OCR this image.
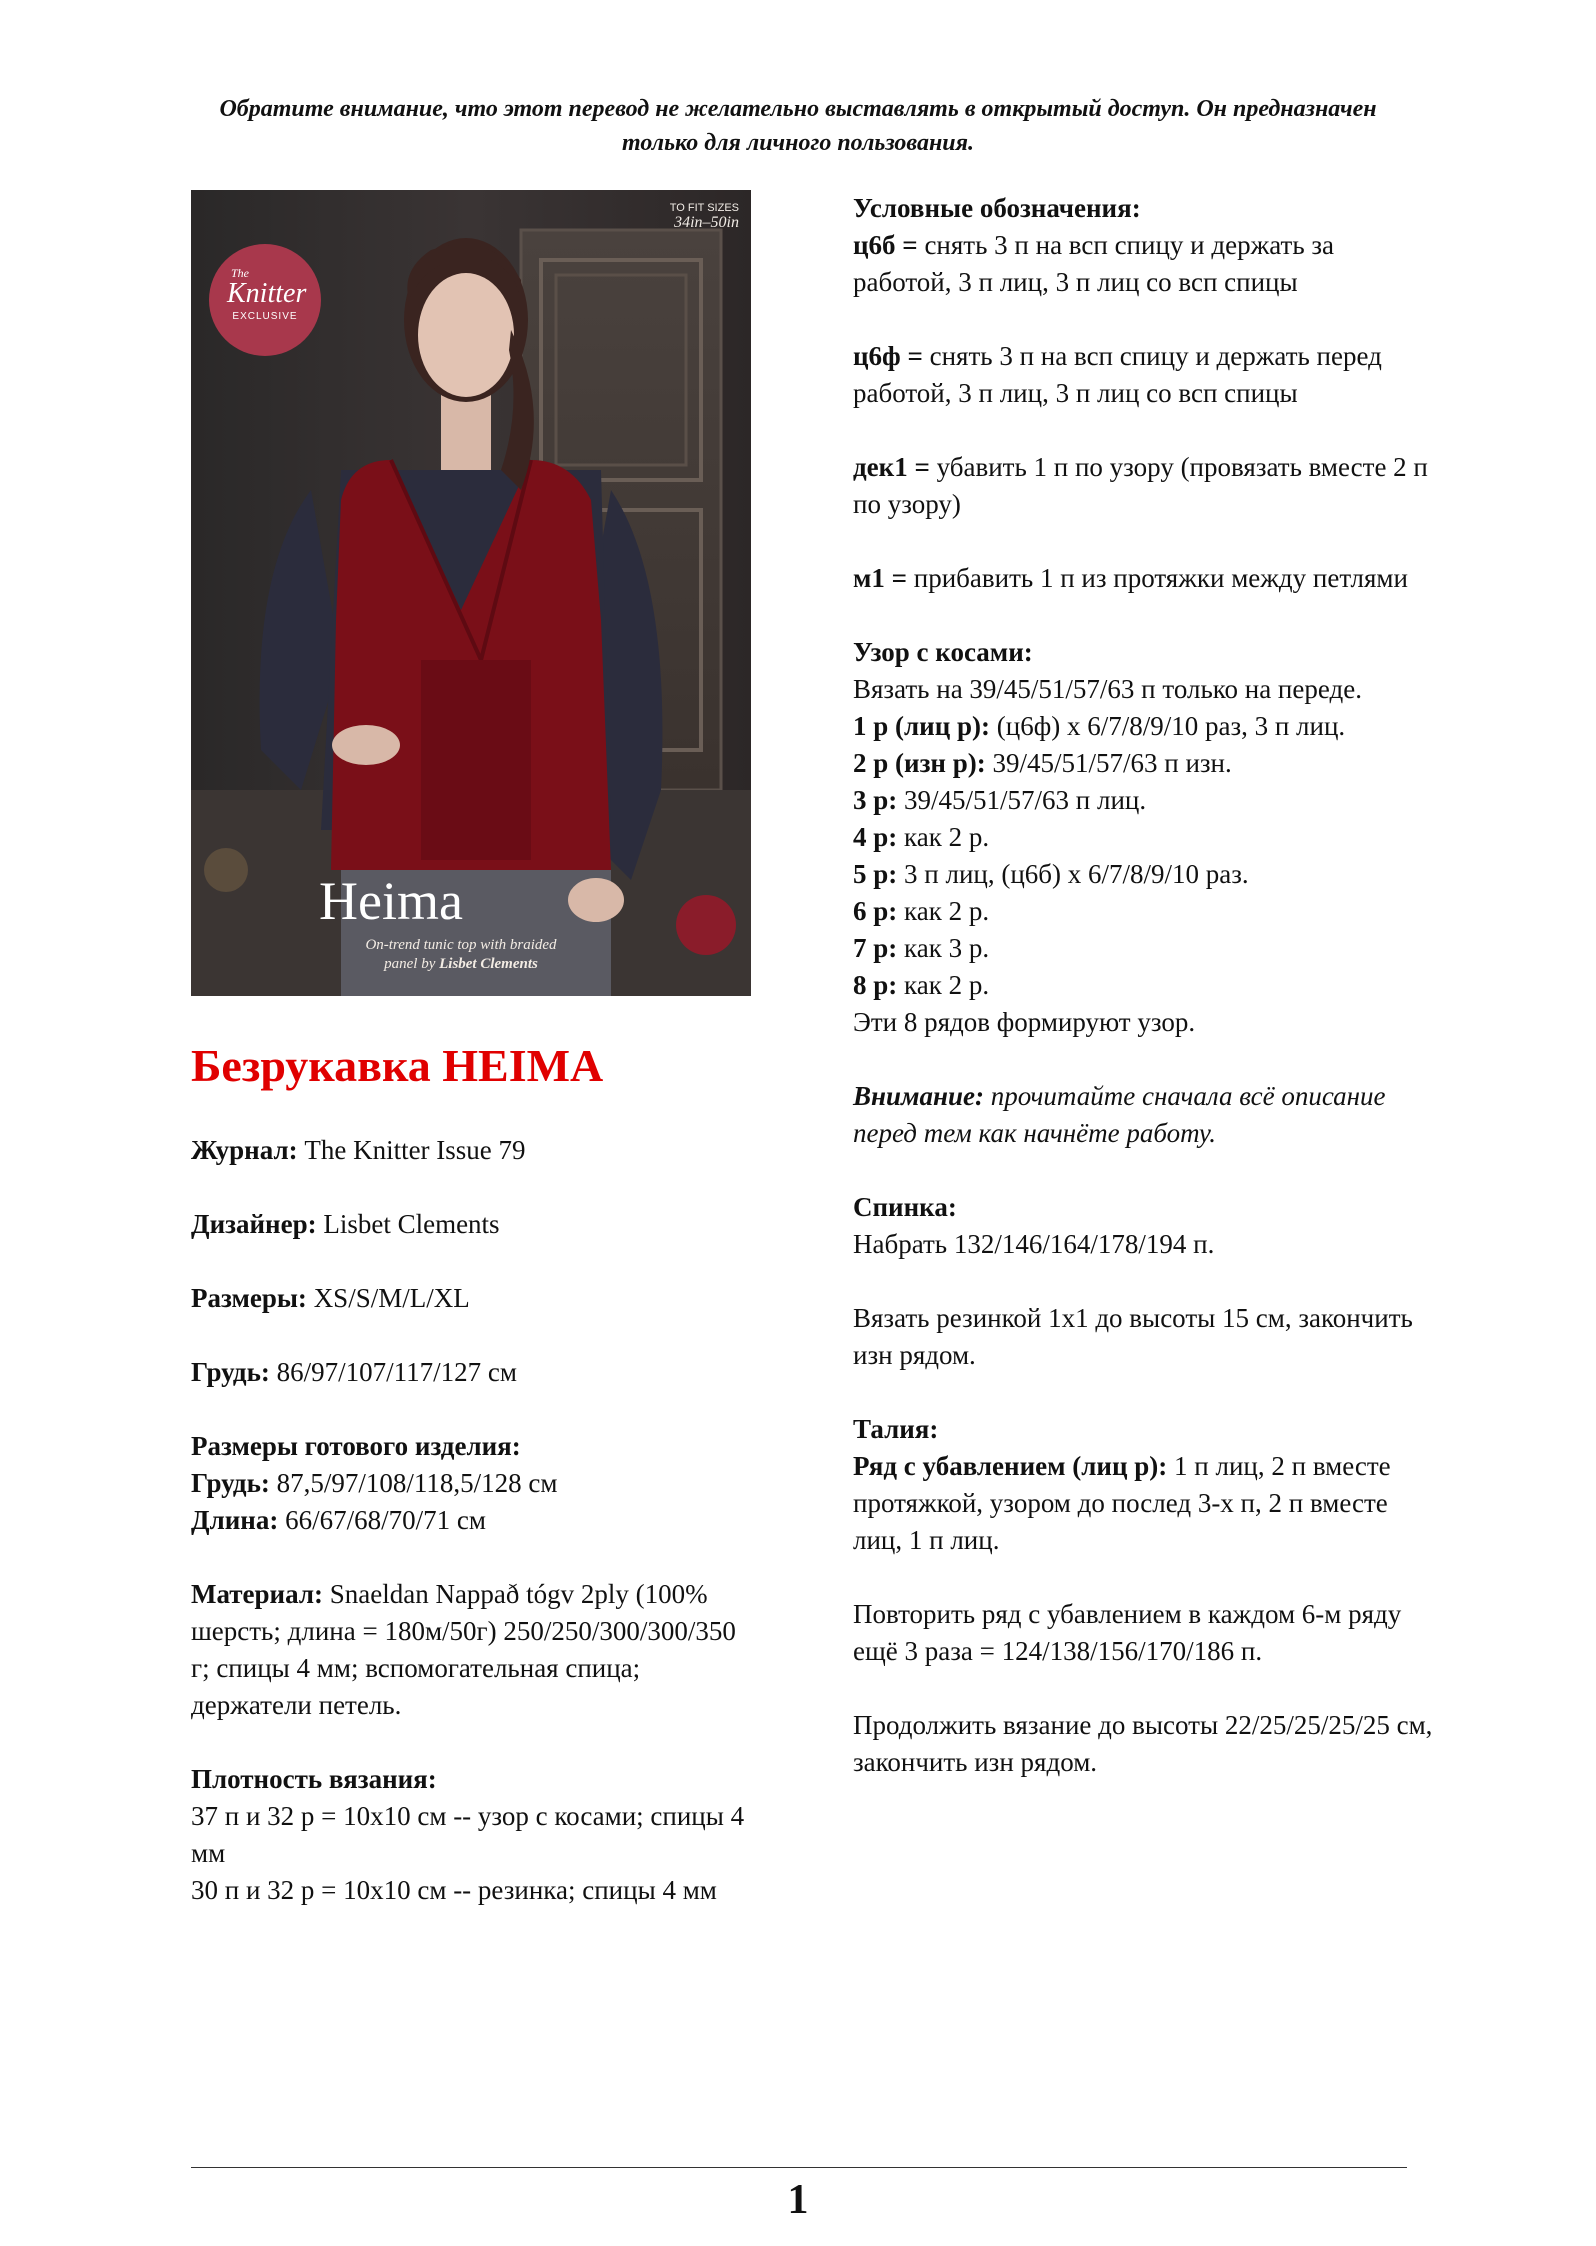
Обратите внимание, что этот перевод не желательно выставлять в открытый доступ. Он предназначен только для личного пользования.
TO FIT SIZES
34in–50in
The
Knitter
EXCLUSIVE
Heima
On-trend tunic top with braided
panel by Lisbet Clements
Безрукавка HEIMA

Журнал: The Knitter Issue 79

Дизайнер: Lisbet Clements

Размеры: XS/S/M/L/XL

Грудь: 86/97/107/117/127 см

Размеры готового изделия:
Грудь: 87,5/97/108/118,5/128 см
Длина: 66/67/68/70/71 см

Материал: Snaeldan Nappað tógv 2ply (100% шерсть; длина = 180м/50г) 250/250/300/300/350 г; спицы 4 мм; вспомогательная спица; держатели петель.

Плотность вязания:
37 п и 32 р = 10х10 см -- узор с косами; спицы 4 мм
30 п и 32 р = 10х10 см -- резинка; спицы 4 мм
Условные обозначения:
ц6б = снять 3 п на всп спицу и держать за работой, 3 п лиц, 3 п лиц со всп спицы

ц6ф = снять 3 п на всп спицу и держать перед работой, 3 п лиц, 3 п лиц со всп спицы

дек1 = убавить 1 п по узору (провязать вместе 2 п по узору)

м1 = прибавить 1 п из протяжки между петлями

Узор с косами:
Вязать на 39/45/51/57/63 п только на переде.
1 р (лиц р): (ц6ф) х 6/7/8/9/10 раз, 3 п лиц.
2 р (изн р): 39/45/51/57/63 п изн.
3 р: 39/45/51/57/63 п лиц.
4 р: как 2 р.
5 р: 3 п лиц, (ц6б) х 6/7/8/9/10 раз.
6 р: как 2 р.
7 р: как 3 р.
8 р: как 2 р.
Эти 8 рядов формируют узор.

Внимание: прочитайте сначала всё описание перед тем как начнёте работу.

Спинка:
Набрать 132/146/164/178/194 п.

Вязать резинкой 1х1 до высоты 15 см, закончить изн рядом.

Талия:
Ряд с убавлением (лиц р): 1 п лиц, 2 п вместе протяжкой, узором до послед 3-х п, 2 п вместе лиц, 1 п лиц.

Повторить ряд с убавлением в каждом 6-м ряду ещё 3 раза = 124/138/156/170/186 п.

Продолжить вязание до высоты 22/25/25/25/25 см, закончить изн рядом.

1
